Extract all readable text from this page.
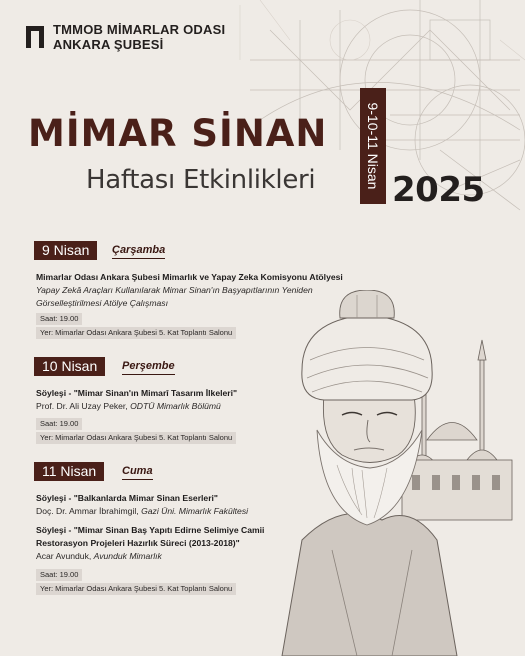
TMMOB MİMARLAR ODASI
ANKARA ŞUBESİ
MİMAR SİNAN
Haftası Etkinlikleri	9-10-11 Nisan
2025
9 Nisan	Çarşamba
Mimarlar Odası Ankara Şubesi Mimarlık ve Yapay Zeka Komisyonu Atölyesi
Yapay Zekâ Araçları Kullanılarak Mimar Sinan'ın Başyapıtlarının Yeniden
Görselleştirilmesi Atölye Çalışması
Saat: 19.00
Yer: Mimarlar Odası Ankara Şubesi 5. Kat Toplantı Salonu
10 Nisan	Perşembe
Söyleşi - "Mimar Sinan'ın Mimarî Tasarım İlkeleri"
Prof. Dr. Ali Uzay Peker, ODTÜ Mimarlık Bölümü
Saat: 19.00
Yer: Mimarlar Odası Ankara Şubesi 5. Kat Toplantı Salonu
11 Nisan	Cuma
Söyleşi - "Balkanlarda Mimar Sinan Eserleri"
Doç. Dr. Ammar İbrahimgil, Gazi Üni. Mimarlık Fakültesi
Söyleşi - "Mimar Sinan Baş Yapıtı Edirne Selimiye Camii
Restorasyon Projeleri Hazırlık Süreci (2013-2018)"
Acar Avunduk, Avunduk Mimarlık
Saat: 19.00
Yer: Mimarlar Odası Ankara Şubesi 5. Kat Toplantı Salonu
